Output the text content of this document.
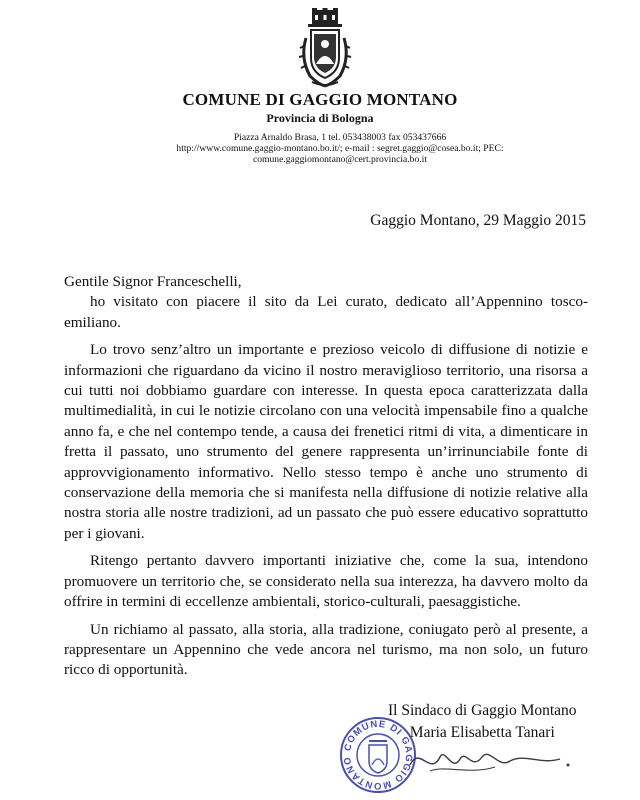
COMUNE DI GAGGIO MONTANO
Provincia di Bologna
Piazza Arnaldo Brasa, 1 tel. 053438003 fax 053437666
http://www.comune.gaggio-montano.bo.it/; e-mail : segret.gaggio@cosea.bo.it; PEC:
comune.gaggiomontano@cert.provincia.bo.it
Gaggio Montano, 29 Maggio 2015

Gentile Signor Franceschelli,

ho visitato con piacere il sito da Lei curato, dedicato all’Appennino tosco-emiliano.

Lo trovo senz’altro un importante e prezioso veicolo di diffusione di notizie e informazioni che riguardano da vicino il nostro meraviglioso territorio, una risorsa a cui tutti noi dobbiamo guardare con interesse. In questa epoca caratterizzata dalla multimedialità, in cui le notizie circolano con una velocità impensabile fino a qualche anno fa, e che nel contempo tende, a causa dei frenetici ritmi di vita, a dimenticare in fretta il passato, uno strumento del genere rappresenta un’irrinunciabile fonte di approvvigionamento informativo. Nello stesso tempo è anche uno strumento di conservazione della memoria che si manifesta nella diffusione di notizie relative alla nostra storia alle nostre tradizioni, ad un passato che può essere educativo soprattutto per i giovani.

Ritengo pertanto davvero importanti iniziative che, come la sua, intendono promuovere un territorio che, se considerato nella sua interezza, ha davvero molto da offrire in termini di eccellenze ambientali, storico-culturali, paesaggistiche.

Un richiamo al passato, alla storia, alla tradizione, coniugato però al presente, a rappresentare un Appennino che vede ancora nel turismo, ma non solo, un futuro ricco di opportunità.

COMUNE DI GAGGIO MONTANO
Il Sindaco di Gaggio Montano
Maria Elisabetta Tanari
